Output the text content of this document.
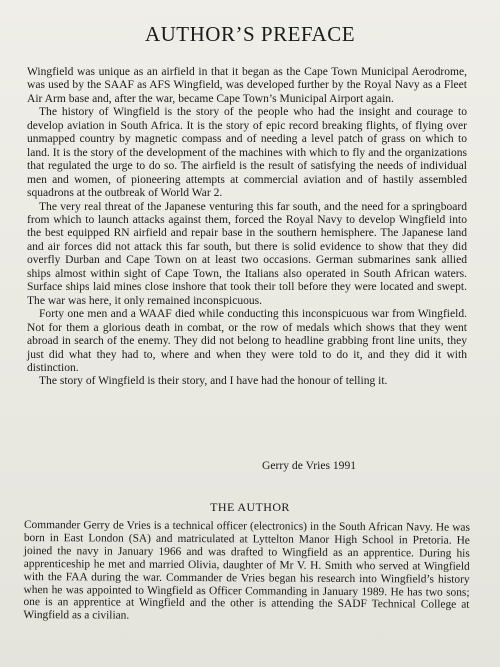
AUTHOR’S PREFACE

Wingfield was unique as an airfield in that it began as the Cape Town Municipal Aerodrome, was used by the SAAF as AFS Wingfield, was developed further by the Royal Navy as a Fleet Air Arm base and, after the war, became Cape Town’s Municipal Airport again.

The history of Wingfield is the story of the people who had the insight and courage to develop aviation in South Africa. It is the story of epic record breaking flights, of flying over unmapped country by magnetic compass and of needing a level patch of grass on which to land. It is the story of the development of the machines with which to fly and the organizations that regulated the urge to do so. The airfield is the result of satisfying the needs of individual men and women, of pioneering attempts at commercial aviation and of hastily assembled squadrons at the outbreak of World War 2.

The very real threat of the Japanese venturing this far south, and the need for a springboard from which to launch attacks against them, forced the Royal Navy to develop Wingfield into the best equipped RN airfield and repair base in the southern hemisphere. The Japanese land and air forces did not attack this far south, but there is solid evidence to show that they did overfly Durban and Cape Town on at least two occasions. German submarines sank allied ships almost within sight of Cape Town, the Italians also operated in South African waters. Surface ships laid mines close inshore that took their toll before they were located and swept. The war was here, it only remained inconspicuous.

Forty one men and a WAAF died while conducting this inconspicuous war from Wingfield. Not for them a glorious death in combat, or the row of medals which shows that they went abroad in search of the enemy. They did not belong to headline grabbing front line units, they just did what they had to, where and when they were told to do it, and they did it with distinction.

The story of Wingfield is their story, and I have had the honour of telling it.

Gerry de Vries 1991

THE AUTHOR

Commander Gerry de Vries is a technical officer (electronics) in the South African Navy. He was born in East London (SA) and matriculated at Lyttelton Manor High School in Pretoria. He joined the navy in January 1966 and was drafted to Wingfield as an apprentice. During his apprenticeship he met and married Olivia, daughter of Mr V. H. Smith who served at Wingfield with the FAA during the war. Commander de Vries began his research into Wingfield’s history when he was appointed to Wingfield as Officer Commanding in January 1989. He has two sons; one is an apprentice at Wingfield and the other is attending the SADF Technical College at Wingfield as a civilian.
